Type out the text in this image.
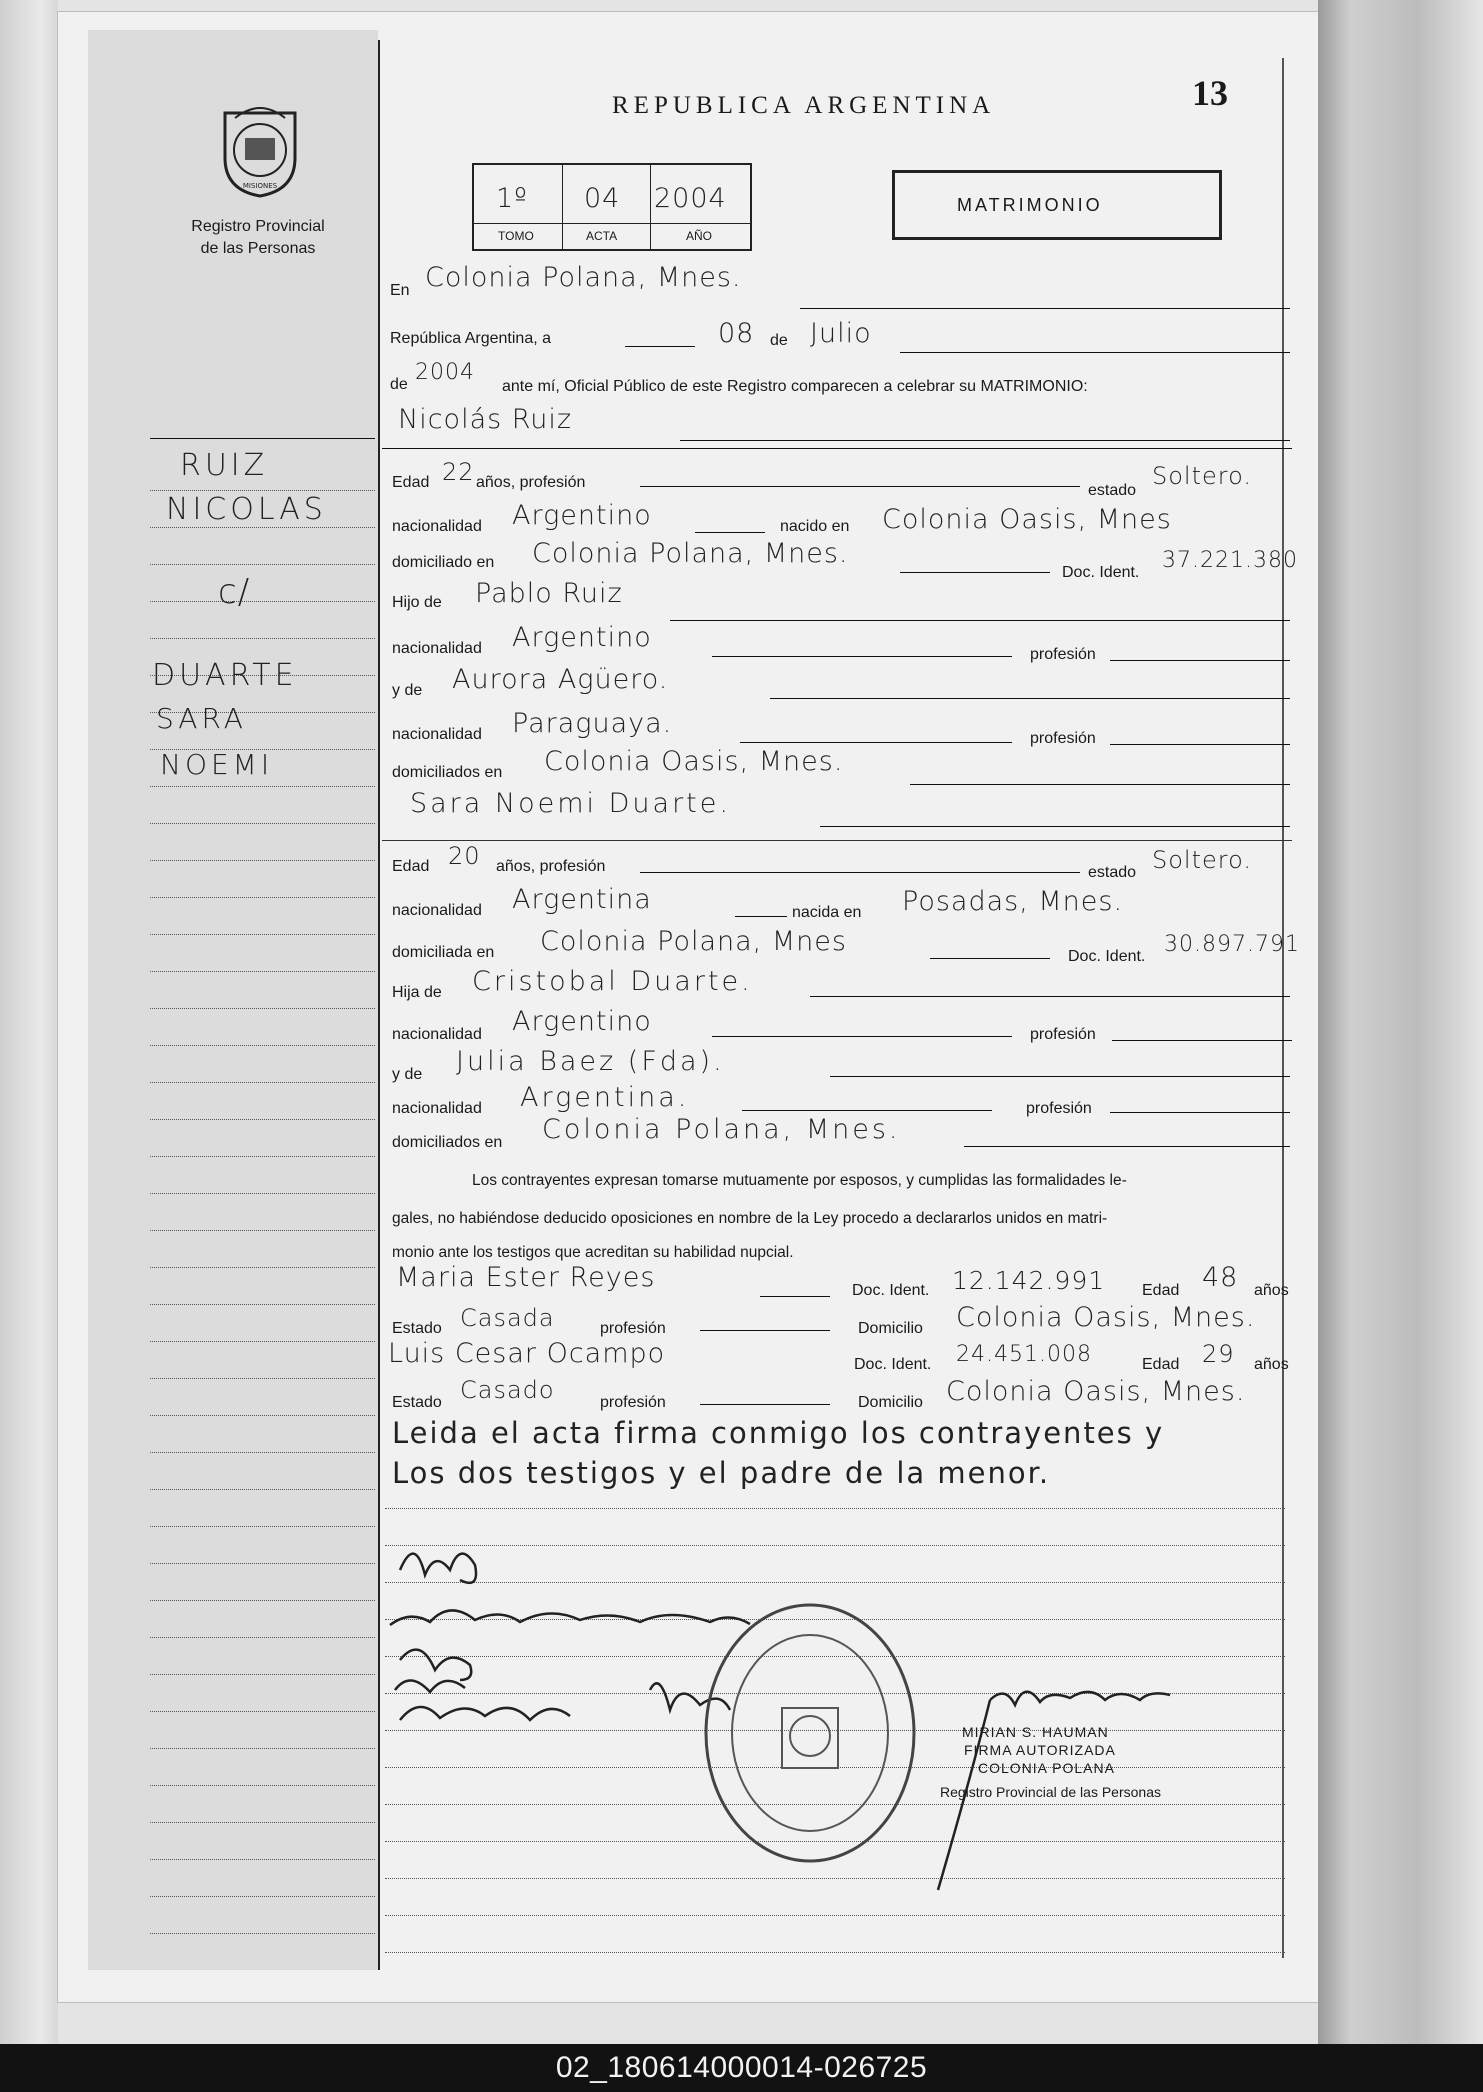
MISIONES
Registro Provincial
de las Personas
REPUBLICA ARGENTINA	13
1º 04 2004
TOMO	ACTA	AÑO
MATRIMONIO
En Colonia Polana, Mnes.
República Argentina, a	08 de Julio
de 2004
ante mí, Oficial Público de este Registro comparecen a celebrar su MATRIMONIO:
Nicolás Ruiz
Edad 22 años, profesión	estado
Soltero.
nacionalidad Argentino	nacido en Colonia Oasis, Mnes
domiciliado en Colonia Polana, Mnes.
Doc. Ident. 37.221.380
Hijo de Pablo Ruiz
nacionalidad Argentino
profesión
y de Aurora Agüero.
nacionalidad Paraguaya.	profesión
domiciliados en Colonia Oasis, Mnes.
Sara Noemi Duarte.
Edad 20 años, profesión	estado Soltero.
nacionalidad Argentina	nacida en Posadas, Mnes.
domiciliada en Colonia Polana, Mnes	Doc. Ident. 30.897.791
Hija de Cristobal Duarte.
nacionalidad Argentino	profesión
y de Julia Baez (Fda).
nacionalidad Argentina.	profesión
domiciliados en Colonia Polana, Mnes.
Los contrayentes expresan tomarse mutuamente por esposos, y cumplidas las formalidades le-
gales, no habiéndose deducido oposiciones en nombre de la Ley procedo a declararlos unidos en matri-
monio ante los testigos que acreditan su habilidad nupcial.
Maria Ester Reyes	Doc. Ident. 12.142.991 Edad 48 años
Estado Casada	profesión	Domicilio Colonia Oasis, Mnes.
Luis Cesar Ocampo	Doc. Ident. 24.451.008	Edad 29 años
Estado Casado	profesión	Domicilio Colonia Oasis, Mnes.
Leida el acta firma conmigo los contrayentes y
Los dos testigos y el padre de la menor.
RUIZ
NICOLAS
c/
DUARTE
SARA
NOEMI
MIRIAN S. HAUMAN
FIRMA AUTORIZADA
COLONIA POLANA
Registro Provincial de las Personas
02_180614000014-026725
